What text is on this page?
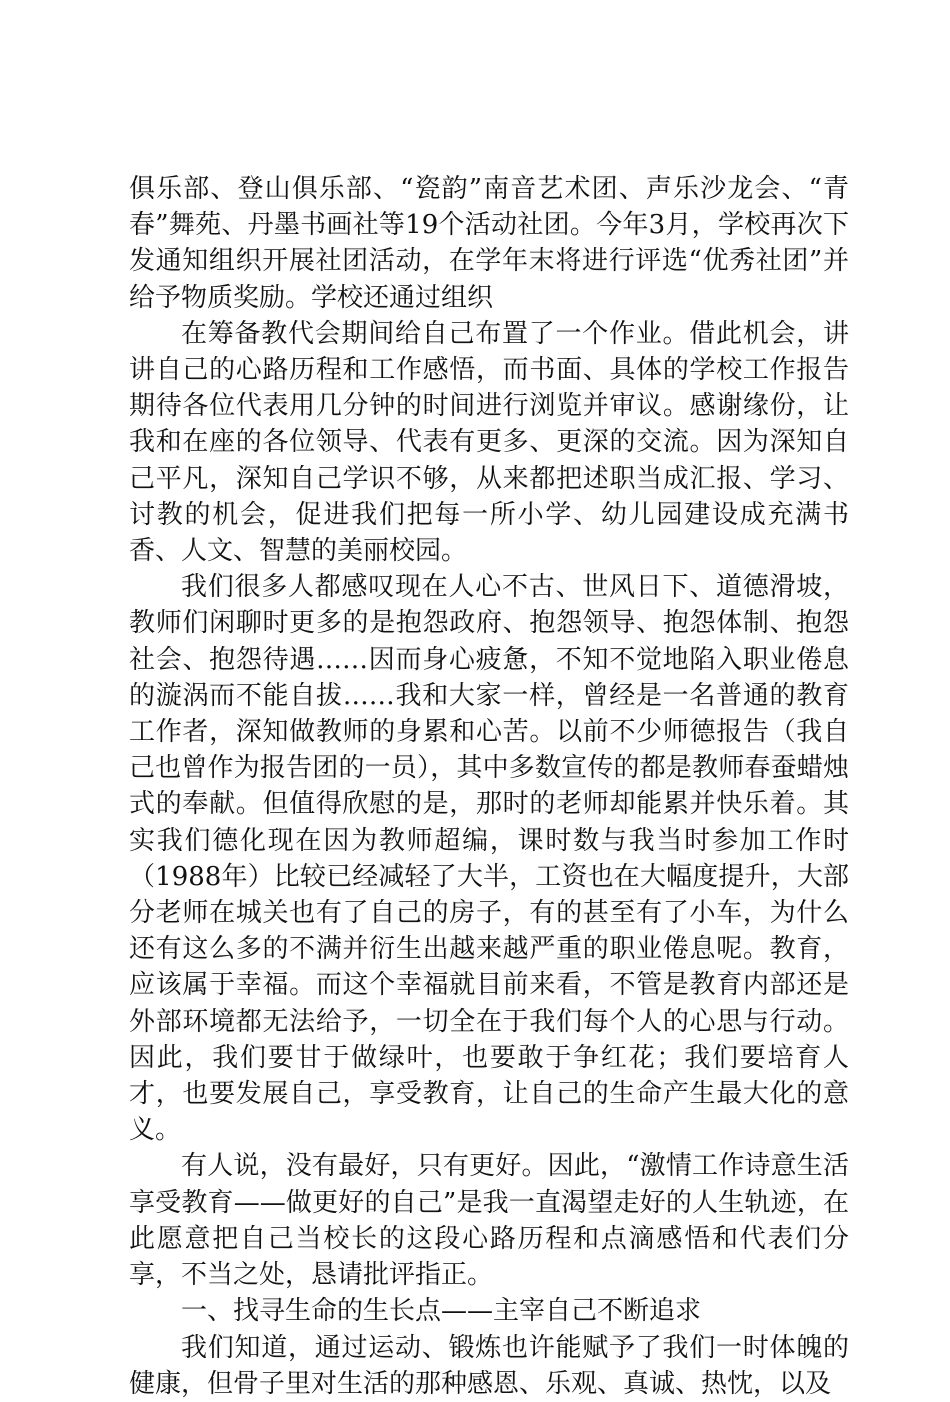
俱乐部、登山俱乐部、“瓷韵”南音艺术团、声乐沙龙会、“青春”舞苑、丹墨书画社等19个活动社团。今年3月，学校再次下发通知组织开展社团活动，在学年末将进行评选“优秀社团”并给予物质奖励。学校还通过组织

在筹备教代会期间给自己布置了一个作业。借此机会，讲讲自己的心路历程和工作感悟，而书面、具体的学校工作报告期待各位代表用几分钟的时间进行浏览并审议。感谢缘份，让我和在座的各位领导、代表有更多、更深的交流。因为深知自己平凡，深知自己学识不够，从来都把述职当成汇报、学习、讨教的机会，促进我们把每一所小学、幼儿园建设成充满书香、人文、智慧的美丽校园。

我们很多人都感叹现在人心不古、世风日下、道德滑坡，教师们闲聊时更多的是抱怨政府、抱怨领导、抱怨体制、抱怨社会、抱怨待遇……因而身心疲惫，不知不觉地陷入职业倦息的漩涡而不能自拔……我和大家一样，曾经是一名普通的教育工作者，深知做教师的身累和心苦。以前不少师德报告（我自己也曾作为报告团的一员），其中多数宣传的都是教师春蚕蜡烛式的奉献。但值得欣慰的是，那时的老师却能累并快乐着。其实我们德化现在因为教师超编，课时数与我当时参加工作时（1988年）比较已经减轻了大半，工资也在大幅度提升，大部分老师在城关也有了自己的房子，有的甚至有了小车，为什么还有这么多的不满并衍生出越来越严重的职业倦息呢。教育，应该属于幸福。而这个幸福就目前来看，不管是教育内部还是外部环境都无法给予，一切全在于我们每个人的心思与行动。因此，我们要甘于做绿叶，也要敢于争红花；我们要培育人才，也要发展自己，享受教育，让自己的生命产生最大化的意义。

有人说，没有最好，只有更好。因此，“激情工作诗意生活享受教育——做更好的自己”是我一直渴望走好的人生轨迹，在此愿意把自己当校长的这段心路历程和点滴感悟和代表们分享，不当之处，恳请批评指正。

一、找寻生命的生长点——主宰自己不断追求

我们知道，通过运动、锻炼也许能赋予了我们一时体魄的健康，但骨子里对生活的那种感恩、乐观、真诚、热忱，以及
